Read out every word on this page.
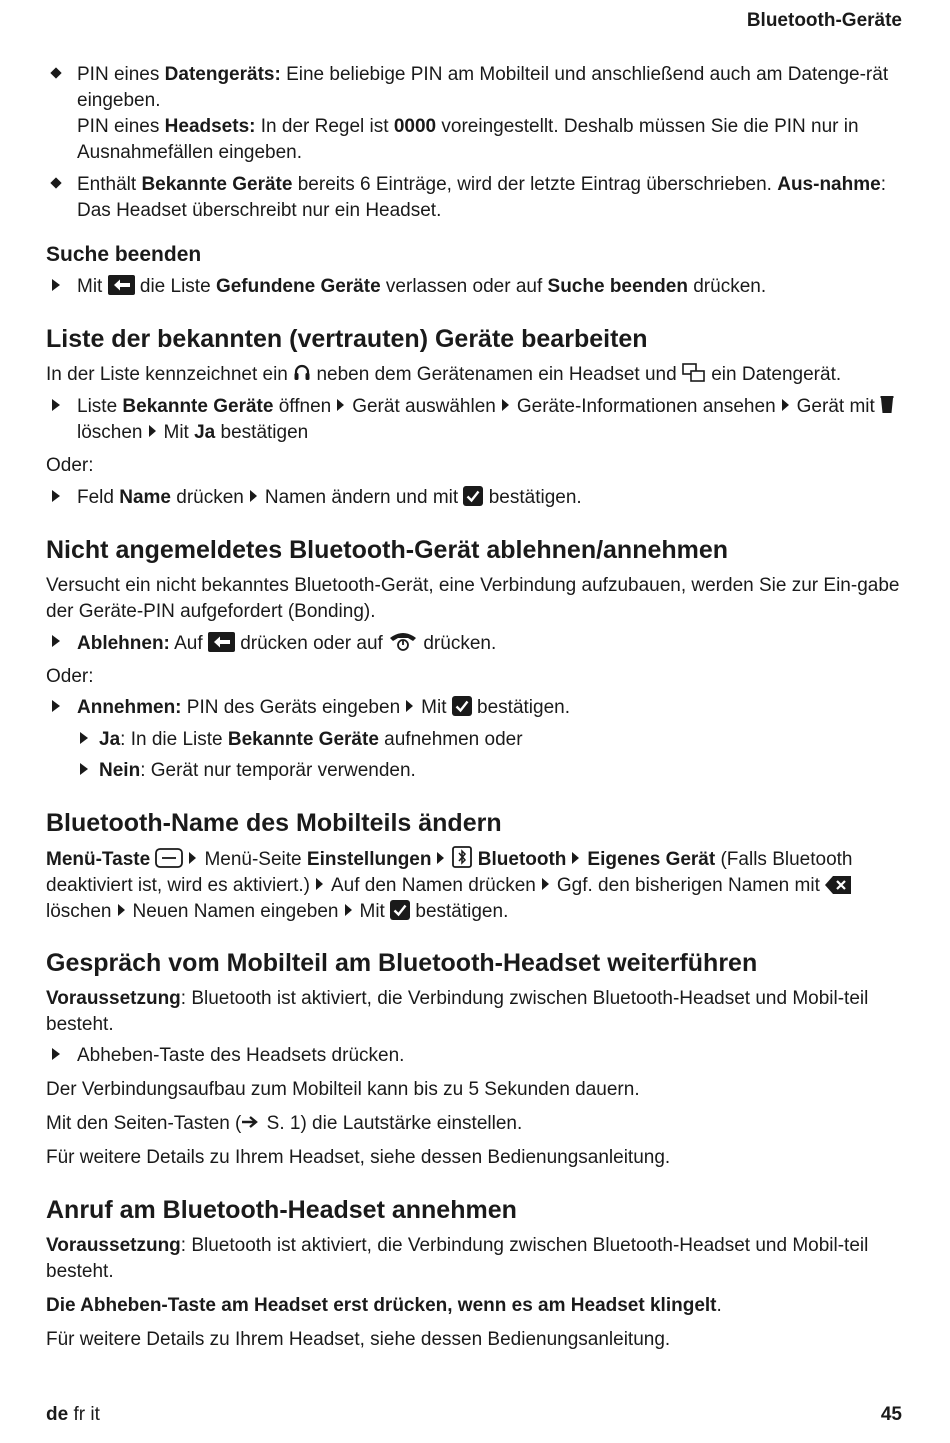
Bluetooth-Geräte
PIN eines Datengeräts: Eine beliebige PIN am Mobilteil und anschließend auch am Datenge-rät eingeben.
PIN eines Headsets: In der Regel ist 0000 voreingestellt. Deshalb müssen Sie die PIN nur in Ausnahmefällen eingeben.
Enthält Bekannte Geräte bereits 6 Einträge, wird der letzte Eintrag überschrieben. Aus-nahme: Das Headset überschreibt nur ein Headset.
Suche beenden
Mit  die Liste Gefundene Geräte verlassen oder auf Suche beenden drücken.
Liste der bekannten (vertrauten) Geräte bearbeiten

In der Liste kennzeichnet ein  neben dem Gerätenamen ein Headset und  ein Datengerät.

Liste Bekannte Geräte öffnen Gerät auswählen Geräte-Informationen ansehen Gerät mit  löschen Mit Ja bestätigen

Oder:

Feld Name drücken Namen ändern und mit  bestätigen.
Nicht angemeldetes Bluetooth-Gerät ablehnen/annehmen

Versucht ein nicht bekanntes Bluetooth-Gerät, eine Verbindung aufzubauen, werden Sie zur Ein-gabe der Geräte-PIN aufgefordert (Bonding).

Ablehnen: Auf  drücken oder auf  drücken.

Oder:

Annehmen: PIN des Geräts eingeben Mit  bestätigen.
Ja: In die Liste Bekannte Geräte aufnehmen oder
Nein: Gerät nur temporär verwenden.
Bluetooth-Name des Mobilteils ändern

Menü-Taste	Menü-Seite Einstellungen Bluetooth Eigenes Gerät (Falls Bluetooth deaktiviert ist, wird es aktiviert.) Auf den Namen drücken Ggf. den bisherigen Namen mit  löschen Neuen Namen eingeben Mit  bestätigen.

Gespräch vom Mobilteil am Bluetooth-Headset weiterführen

Voraussetzung: Bluetooth ist aktiviert, die Verbindung zwischen Bluetooth-Headset und Mobil-teil besteht.

Abheben-Taste des Headsets drücken.

Der Verbindungsaufbau zum Mobilteil kann bis zu 5 Sekunden dauern.

Mit den Seiten-Tasten ( S. 1) die Lautstärke einstellen.

Für weitere Details zu Ihrem Headset, siehe dessen Bedienungsanleitung.

Anruf am Bluetooth-Headset annehmen

Voraussetzung: Bluetooth ist aktiviert, die Verbindung zwischen Bluetooth-Headset und Mobil-teil besteht.

Die Abheben-Taste am Headset erst drücken, wenn es am Headset klingelt.

Für weitere Details zu Ihrem Headset, siehe dessen Bedienungsanleitung.

de fr it	45
